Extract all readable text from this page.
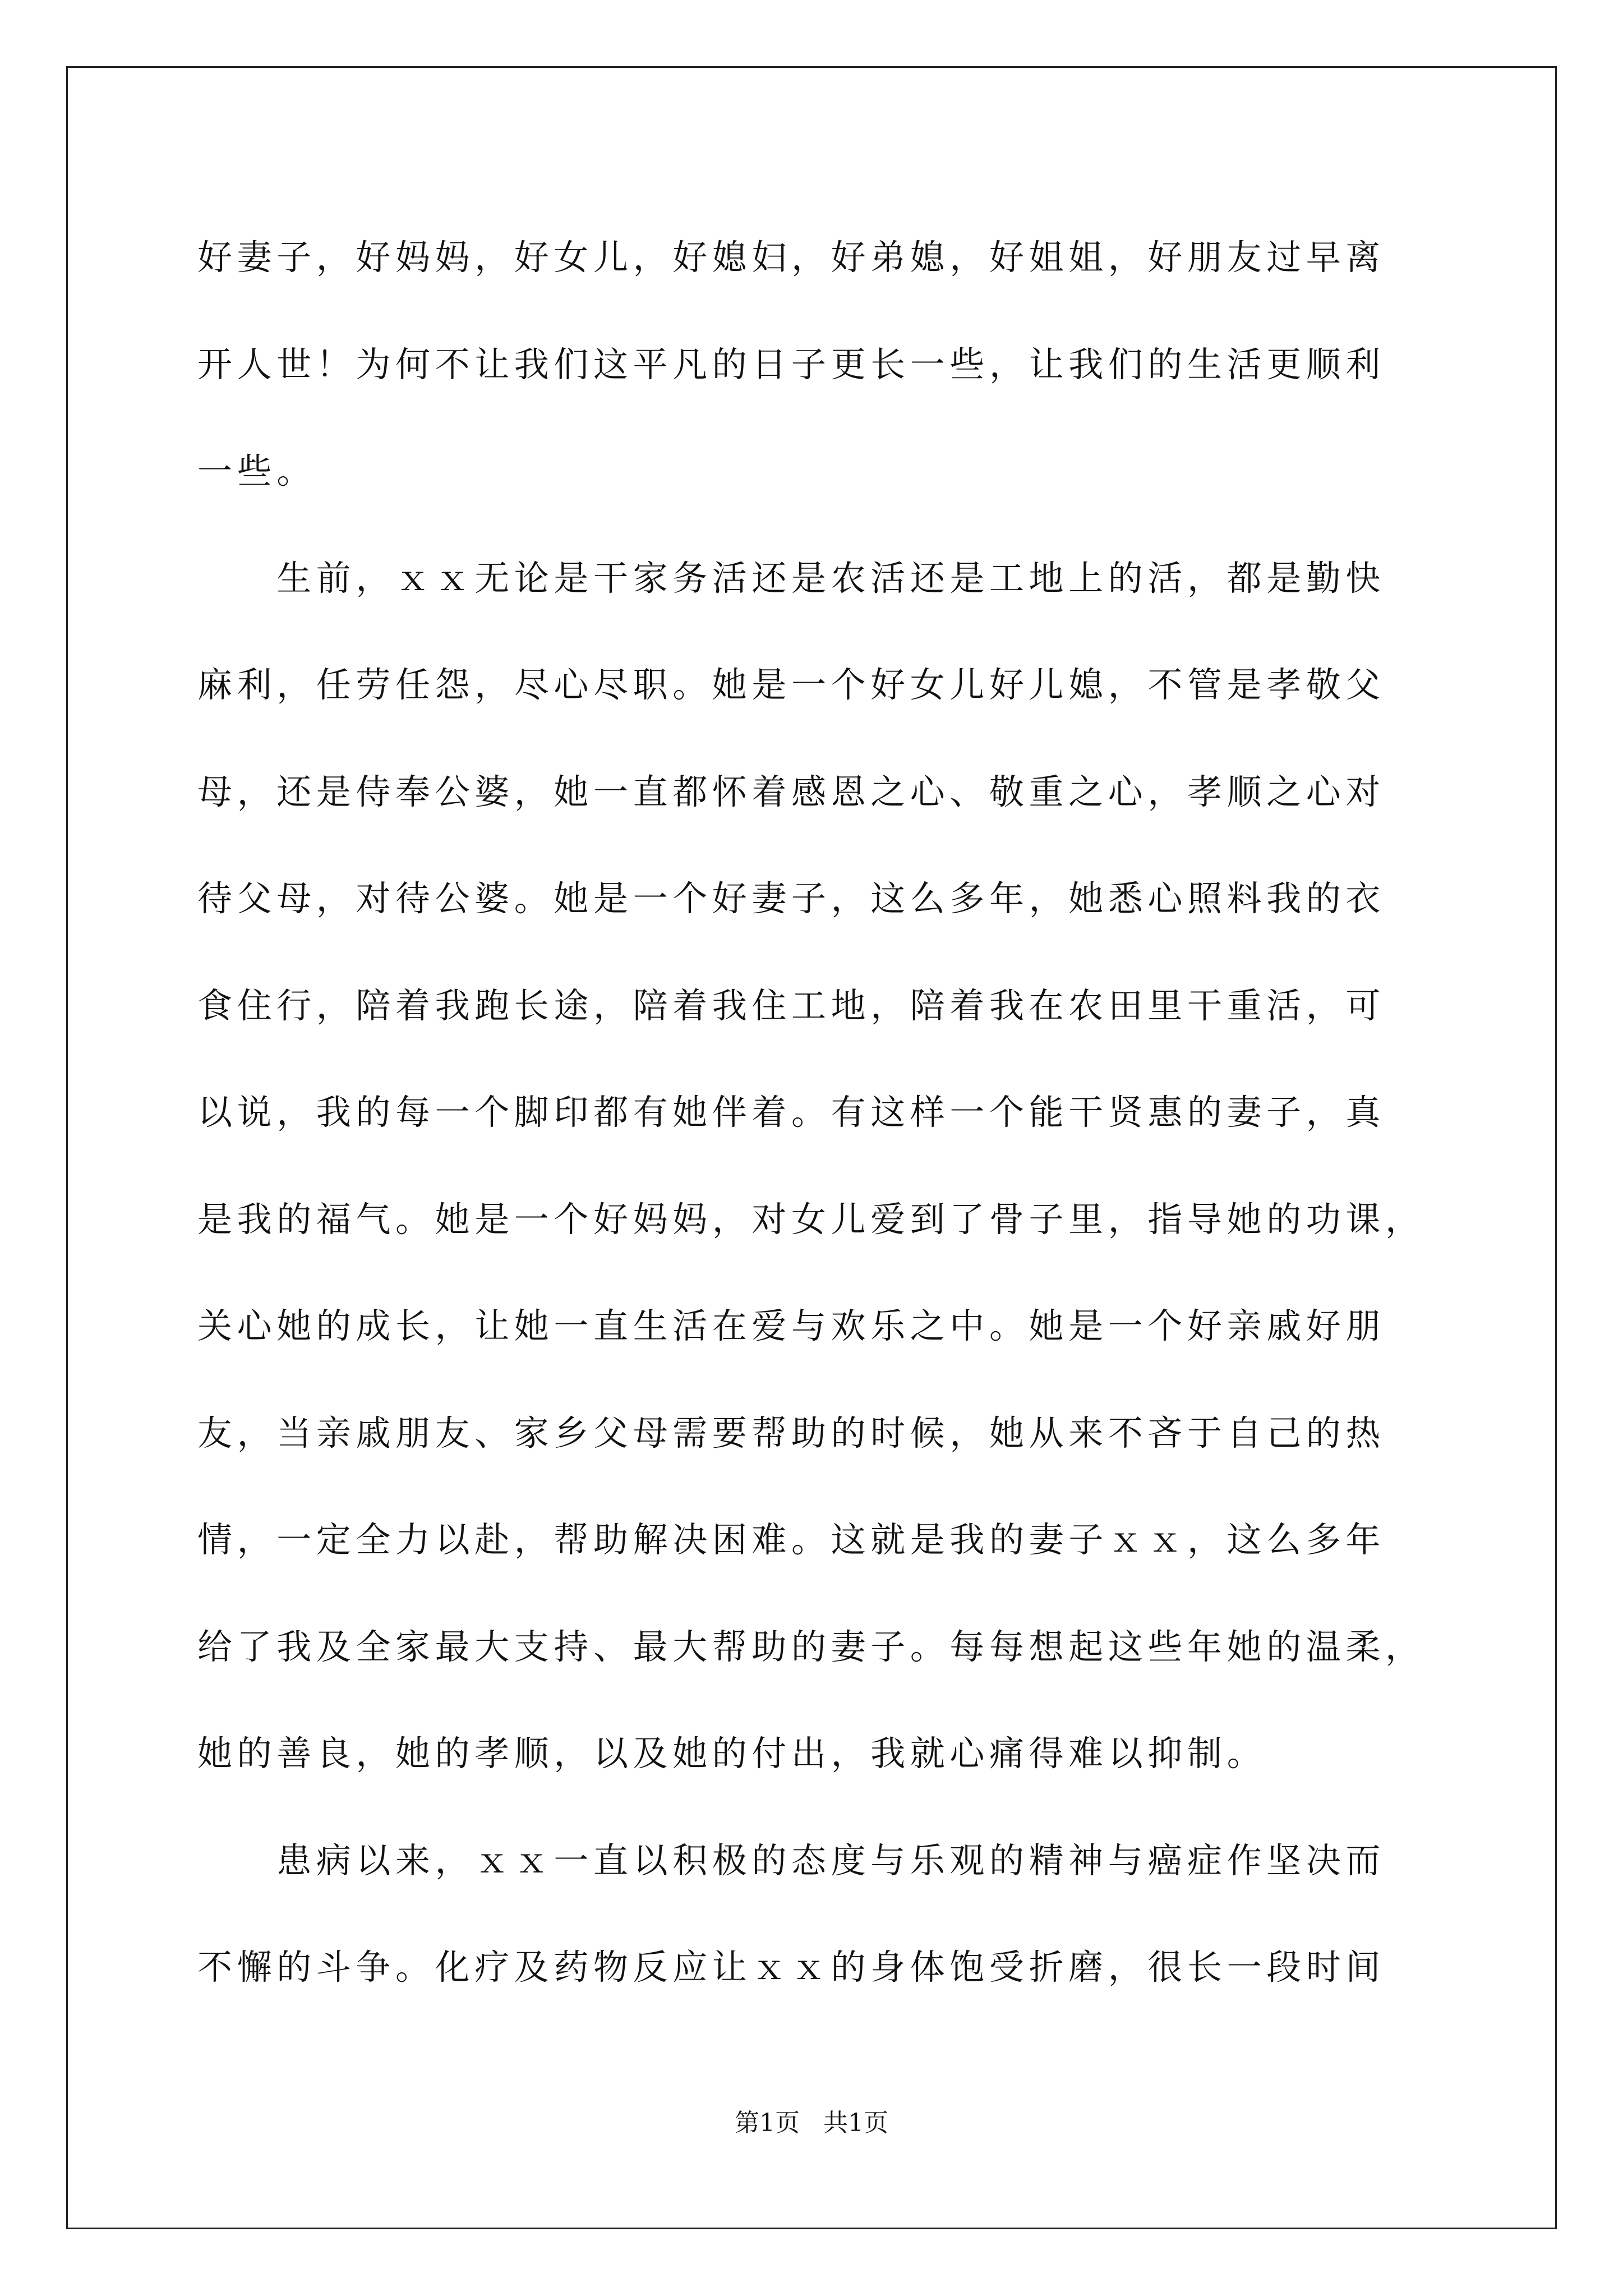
好妻子，好妈妈，好女儿，好媳妇，好弟媳，好姐姐，好朋友过早离
开人世！为何不让我们这平凡的日子更长一些，让我们的生活更顺利
一些。
　　生前，ｘｘ无论是干家务活还是农活还是工地上的活，都是勤快
麻利，任劳任怨，尽心尽职。她是一个好女儿好儿媳，不管是孝敬父
母，还是侍奉公婆，她一直都怀着感恩之心、敬重之心，孝顺之心对
待父母，对待公婆。她是一个好妻子，这么多年，她悉心照料我的衣
食住行，陪着我跑长途，陪着我住工地，陪着我在农田里干重活，可
以说，我的每一个脚印都有她伴着。有这样一个能干贤惠的妻子，真
是我的福气。她是一个好妈妈，对女儿爱到了骨子里，指导她的功课，
关心她的成长，让她一直生活在爱与欢乐之中。她是一个好亲戚好朋
友，当亲戚朋友、家乡父母需要帮助的时候，她从来不吝于自己的热
情，一定全力以赴，帮助解决困难。这就是我的妻子ｘｘ，这么多年
给了我及全家最大支持、最大帮助的妻子。每每想起这些年她的温柔，
她的善良，她的孝顺，以及她的付出，我就心痛得难以抑制。
　　患病以来，ｘｘ一直以积极的态度与乐观的精神与癌症作坚决而
不懈的斗争。化疗及药物反应让ｘｘ的身体饱受折磨，很长一段时间
第1页   共1页
